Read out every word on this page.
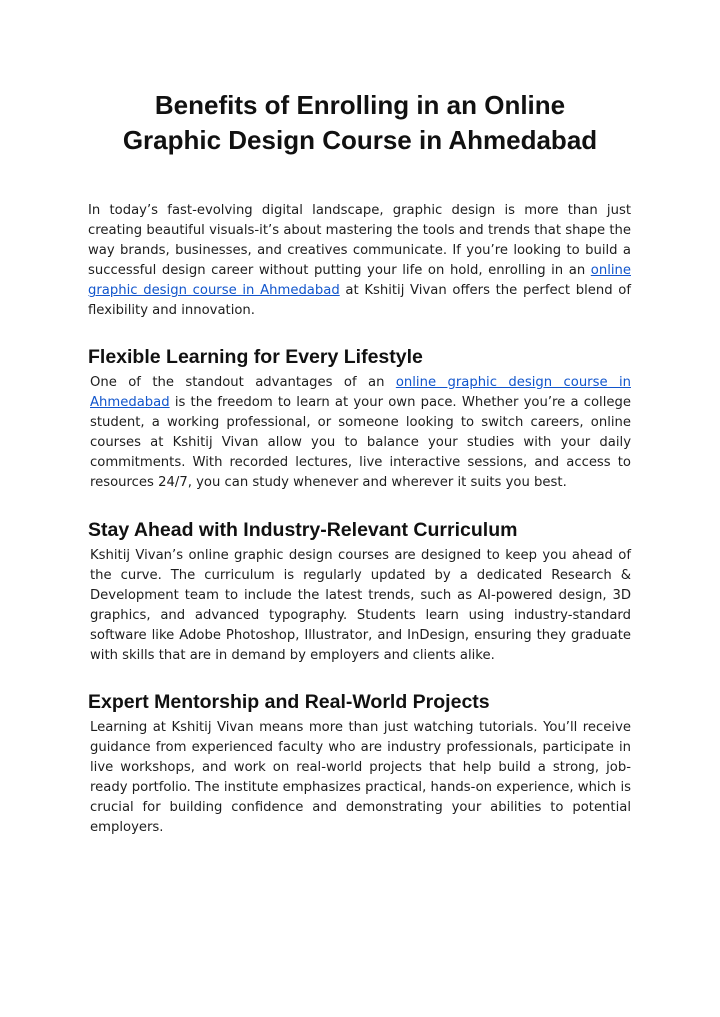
Benefits of Enrolling in an Online
Graphic Design Course in Ahmedabad

In today’s fast-evolving digital landscape, graphic design is more than just creating beautiful visuals-it’s about mastering the tools and trends that shape the way brands, businesses, and creatives communicate. If you’re looking to build a successful design career without putting your life on hold, enrolling in an online graphic design course in Ahmedabad at Kshitij Vivan offers the perfect blend of flexibility and innovation.

Flexible Learning for Every Lifestyle

One of the standout advantages of an online graphic design course in Ahmedabad is the freedom to learn at your own pace. Whether you’re a college student, a working professional, or someone looking to switch careers, online courses at Kshitij Vivan allow you to balance your studies with your daily commitments. With recorded lectures, live interactive sessions, and access to resources 24/7, you can study whenever and wherever it suits you best.

Stay Ahead with Industry-Relevant Curriculum

Kshitij Vivan’s online graphic design courses are designed to keep you ahead of the curve. The curriculum is regularly updated by a dedicated Research & Development team to include the latest trends, such as AI-powered design, 3D graphics, and advanced typography. Students learn using industry-standard software like Adobe Photoshop, Illustrator, and InDesign, ensuring they graduate with skills that are in demand by employers and clients alike.

Expert Mentorship and Real-World Projects

Learning at Kshitij Vivan means more than just watching tutorials. You’ll receive guidance from experienced faculty who are industry professionals, participate in live workshops, and work on real-world projects that help build a strong, job-ready portfolio. The institute emphasizes practical, hands-on experience, which is crucial for building confidence and demonstrating your abilities to potential employers.
